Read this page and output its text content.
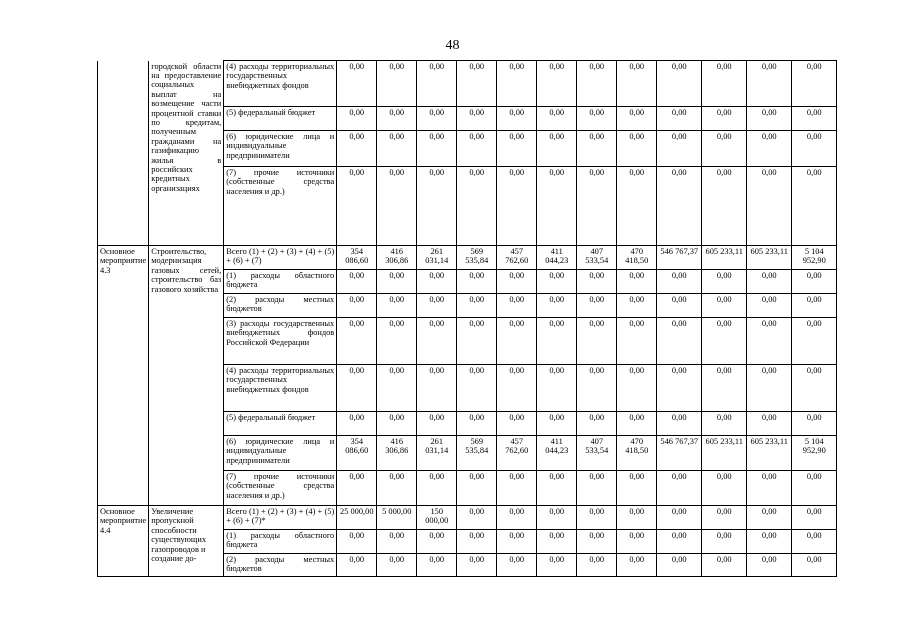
48
	городской области на предоставление социальных выплат на возмещение части процентной ставки по кредитам, полученным гражданами на газификацию жилья в российских кредитных организациях	(4) расходы территориальных государственных внебюджетных фондов	0,00	0,00	0,00	0,00	0,00	0,00	0,00	0,00	0,00	0,00	0,00	0,00
		(5) федеральный бюджет	0,00	0,00	0,00	0,00	0,00	0,00	0,00	0,00	0,00	0,00	0,00	0,00
		(6) юридические лица и индивидуальные предприниматели	0,00	0,00	0,00	0,00	0,00	0,00	0,00	0,00	0,00	0,00	0,00	0,00
		(7) прочие источники (собственные средства населения и др.)	0,00	0,00	0,00	0,00	0,00	0,00	0,00	0,00	0,00	0,00	0,00	0,00
Основное мероприятие 4.3	Строительство, модернизация газовых сетей, строительство баз газового хозяйства	Всего (1) + (2) + (3) + (4) + (5) + (6) + (7)	354 086,60	416 306,86	261 031,14	569 535,84	457 762,60	411 044,23	407 533,54	470 418,50	546 767,37	605 233,11	605 233,11	5 104 952,90
		(1) расходы областного бюджета	0,00	0,00	0,00	0,00	0,00	0,00	0,00	0,00	0,00	0,00	0,00	0,00
		(2) расходы местных бюджетов	0,00	0,00	0,00	0,00	0,00	0,00	0,00	0,00	0,00	0,00	0,00	0,00
		(3) расходы государственных внебюджетных фондов Российской Федерации	0,00	0,00	0,00	0,00	0,00	0,00	0,00	0,00	0,00	0,00	0,00	0,00
		(4) расходы территориальных государственных внебюджетных фондов	0,00	0,00	0,00	0,00	0,00	0,00	0,00	0,00	0,00	0,00	0,00	0,00
		(5) федеральный бюджет	0,00	0,00	0,00	0,00	0,00	0,00	0,00	0,00	0,00	0,00	0,00	0,00
		(6) юридические лица и индивидуальные предприниматели	354 086,60	416 306,86	261 031,14	569 535,84	457 762,60	411 044,23	407 533,54	470 418,50	546 767,37	605 233,11	605 233,11	5 104 952,90
		(7) прочие источники (собственные средства населения и др.)	0,00	0,00	0,00	0,00	0,00	0,00	0,00	0,00	0,00	0,00	0,00	0,00
Основное мероприятие 4.4	Увеличение пропускной способности существующих газопроводов и создание до-	Всего (1) + (2) + (3) + (4) + (5) + (6) + (7)*	25 000,00	5 000,00	150 000,00	0,00	0,00	0,00	0,00	0,00	0,00	0,00	0,00	0,00
		(1) расходы областного бюджета	0,00	0,00	0,00	0,00	0,00	0,00	0,00	0,00	0,00	0,00	0,00	0,00
		(2) расходы местных бюджетов	0,00	0,00	0,00	0,00	0,00	0,00	0,00	0,00	0,00	0,00	0,00	0,00
